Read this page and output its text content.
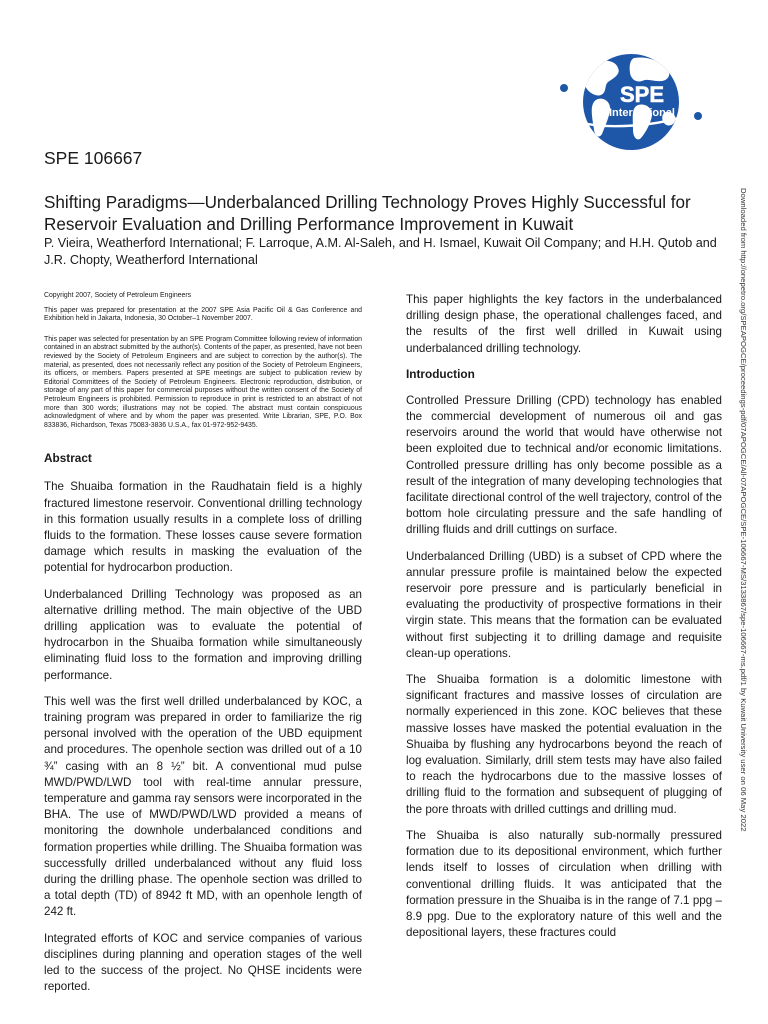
SPE
International
SPE 106667
Shifting Paradigms—Underbalanced Drilling Technology Proves Highly Successful for Reservoir Evaluation and Drilling Performance Improvement in Kuwait
P. Vieira, Weatherford International; F. Larroque, A.M. Al-Saleh, and H. Ismael, Kuwait Oil Company; and H.H. Qutob and J.R. Chopty, Weatherford International	Downloaded from http://onepetro.org/SPEAPOGCE/proceedings-pdf/07APOGCE/All-07APOGCE/SPE-106667-MS/3133867/spe-106667-ms.pdf/1 by Kuwait University user on 06 May 2022

Copyright 2007, Society of Petroleum Engineers

This paper was prepared for presentation at the 2007 SPE Asia Pacific Oil & Gas Conference and Exhibition held in Jakarta, Indonesia, 30 October–1 November 2007.

This paper was selected for presentation by an SPE Program Committee following review of information contained in an abstract submitted by the author(s). Contents of the paper, as presented, have not been reviewed by the Society of Petroleum Engineers and are subject to correction by the author(s). The material, as presented, does not necessarily reflect any position of the Society of Petroleum Engineers, its officers, or members. Papers presented at SPE meetings are subject to publication review by Editorial Committees of the Society of Petroleum Engineers. Electronic reproduction, distribution, or storage of any part of this paper for commercial purposes without the written consent of the Society of Petroleum Engineers is prohibited. Permission to reproduce in print is restricted to an abstract of not more than 300 words; illustrations may not be copied. The abstract must contain conspicuous acknowledgment of where and by whom the paper was presented. Write Librarian, SPE, P.O. Box 833836, Richardson, Texas 75083-3836 U.S.A., fax 01-972-952-9435.

Abstract

The Shuaiba formation in the Raudhatain field is a highly fractured limestone reservoir. Conventional drilling technology in this formation usually results in a complete loss of drilling fluids to the formation. These losses cause severe formation damage which results in masking the evaluation of the potential for hydrocarbon production.

Underbalanced Drilling Technology was proposed as an alternative drilling method. The main objective of the UBD drilling application was to evaluate the potential of hydrocarbon in the Shuaiba formation while simultaneously eliminating fluid loss to the formation and improving drilling performance.

This well was the first well drilled underbalanced by KOC, a training program was prepared in order to familiarize the rig personal involved with the operation of the UBD equipment and procedures. The openhole section was drilled out of a 10 ¾” casing with an 8 ½” bit. A conventional mud pulse MWD/PWD/LWD tool with real-time annular pressure, temperature and gamma ray sensors were incorporated in the BHA. The use of MWD/PWD/LWD provided a means of monitoring the downhole underbalanced conditions and formation properties while drilling. The Shuaiba formation was successfully drilled underbalanced without any fluid loss during the drilling phase. The openhole section was drilled to a total depth (TD) of 8942 ft MD, with an openhole length of 242 ft.

Integrated efforts of KOC and service companies of various disciplines during planning and operation stages of the well led to the success of the project. No QHSE incidents were reported.

This paper highlights the key factors in the underbalanced drilling design phase, the operational challenges faced, and the results of the first well drilled in Kuwait using underbalanced drilling technology.

Introduction

Controlled Pressure Drilling (CPD) technology has enabled the commercial development of numerous oil and gas reservoirs around the world that would have otherwise not been exploited due to technical and/or economic limitations. Controlled pressure drilling has only become possible as a result of the integration of many developing technologies that facilitate directional control of the well trajectory, control of the bottom hole circulating pressure and the safe handling of drilling fluids and drill cuttings on surface.

Underbalanced Drilling (UBD) is a subset of CPD where the annular pressure profile is maintained below the expected reservoir pore pressure and is particularly beneficial in evaluating the productivity of prospective formations in their virgin state. This means that the formation can be evaluated without first subjecting it to drilling damage and requisite clean-up operations.

The Shuaiba formation is a dolomitic limestone with significant fractures and massive losses of circulation are normally experienced in this zone. KOC believes that these massive losses have masked the potential evaluation in the Shuaiba by flushing any hydrocarbons beyond the reach of log evaluation. Similarly, drill stem tests may have also failed to reach the hydrocarbons due to the massive losses of drilling fluid to the formation and subsequent of plugging of the pore throats with drilled cuttings and drilling mud.

The Shuaiba is also naturally sub-normally pressured formation due to its depositional environment, which further lends itself to losses of circulation when drilling with conventional drilling fluids. It was anticipated that the formation pressure in the Shuaiba is in the range of 7.1 ppg – 8.9 ppg. Due to the exploratory nature of this well and the depositional layers, these fractures could
